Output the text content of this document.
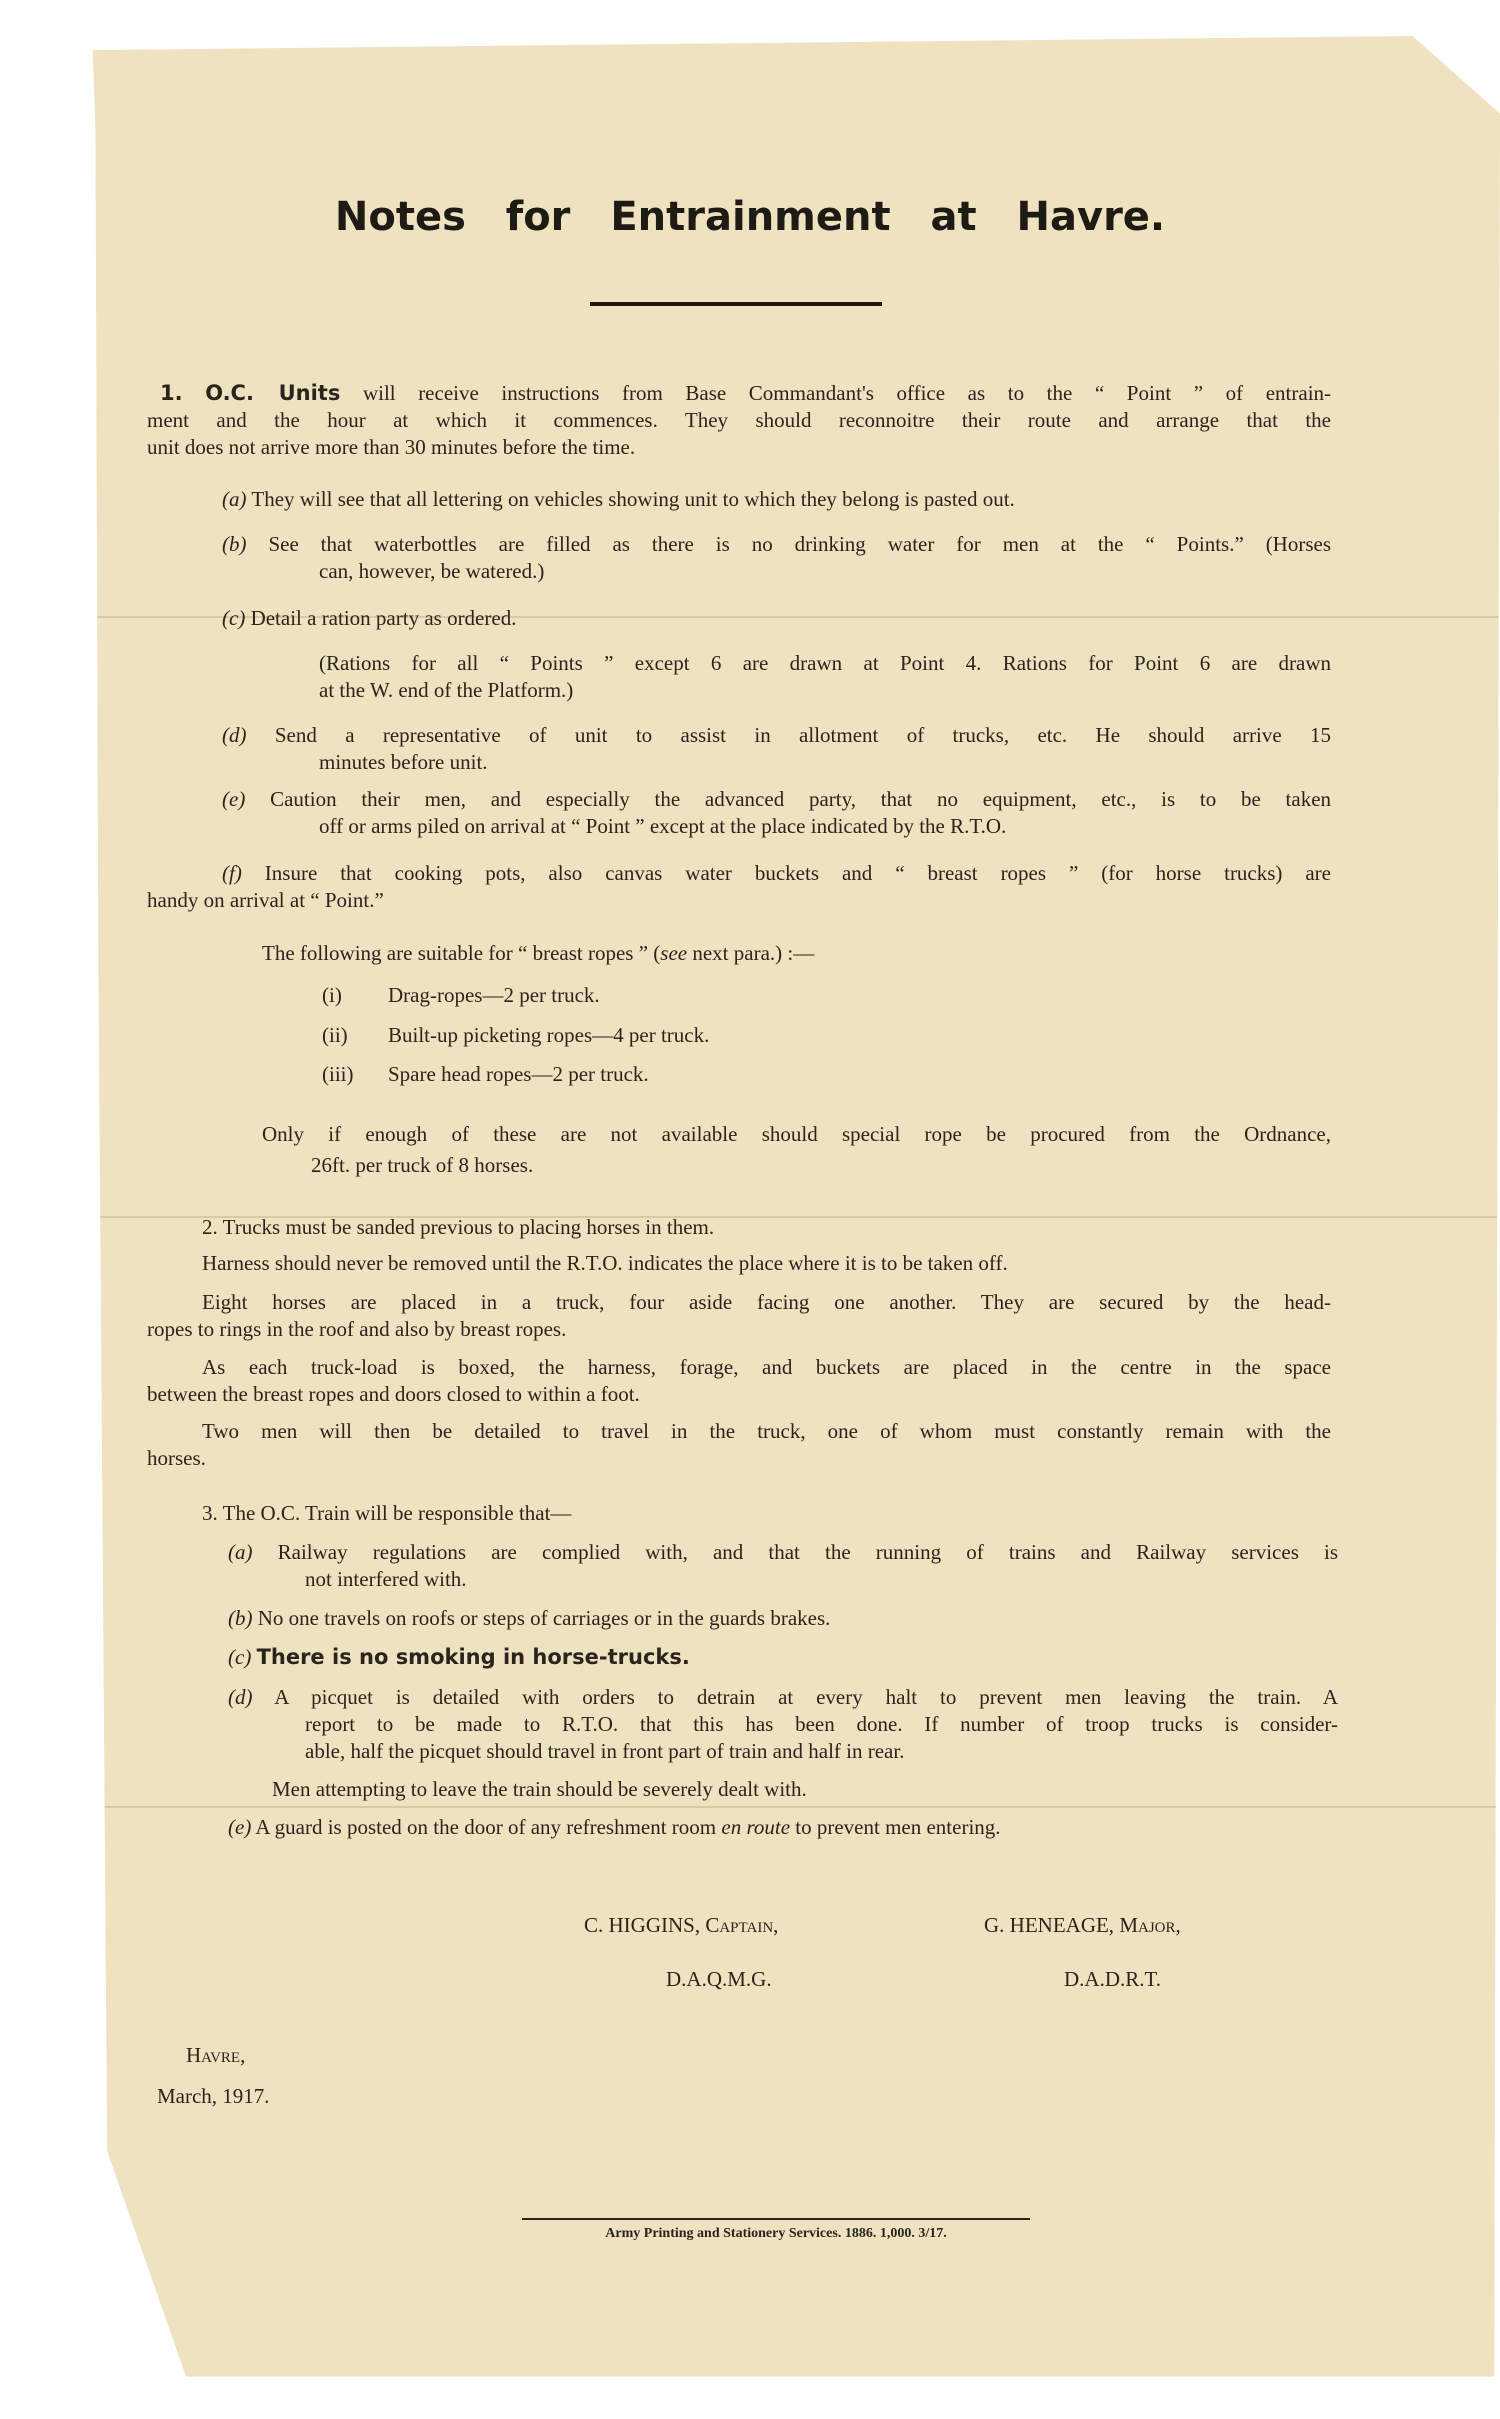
Notes for Entrainment at Havre.
1. O.C. Units will receive instructions from Base Commandant's office as to the “ Point ” of entrain-
ment and the hour at which it commences. They should reconnoitre their route and arrange that the
unit does not arrive more than 30 minutes before the time.
(a) They will see that all lettering on vehicles showing unit to which they belong is pasted out.
(b) See that waterbottles are filled as there is no drinking water for men at the “ Points.” (Horses
can, however, be watered.)
(c) Detail a ration party as ordered.
(Rations for all “ Points ” except 6 are drawn at Point 4. Rations for Point 6 are drawn
at the W. end of the Platform.)
(d) Send a representative of unit to assist in allotment of trucks, etc. He should arrive 15
minutes before unit.
(e) Caution their men, and especially the advanced party, that no equipment, etc., is to be taken
off or arms piled on arrival at “ Point ” except at the place indicated by the R.T.O.
(f) Insure that cooking pots, also canvas water buckets and “ breast ropes ” (for horse trucks) are
handy on arrival at “ Point.”
The following are suitable for “ breast ropes ” (see next para.) :—
(i) Drag-ropes—2 per truck.
(ii) Built-up picketing ropes—4 per truck.
(iii) Spare head ropes—2 per truck.
Only if enough of these are not available should special rope be procured from the Ordnance,
26ft. per truck of 8 horses.
2. Trucks must be sanded previous to placing horses in them.
Harness should never be removed until the R.T.O. indicates the place where it is to be taken off.
Eight horses are placed in a truck, four aside facing one another. They are secured by the head-
ropes to rings in the roof and also by breast ropes.
As each truck-load is boxed, the harness, forage, and buckets are placed in the centre in the space
between the breast ropes and doors closed to within a foot.
Two men will then be detailed to travel in the truck, one of whom must constantly remain with the
horses.
3. The O.C. Train will be responsible that—
(a) Railway regulations are complied with, and that the running of trains and Railway services is
not interfered with.
(b) No one travels on roofs or steps of carriages or in the guards brakes.
(c) There is no smoking in horse-trucks.
(d) A picquet is detailed with orders to detrain at every halt to prevent men leaving the train. A
report to be made to R.T.O. that this has been done. If number of troop trucks is consider-
able, half the picquet should travel in front part of train and half in rear.
Men attempting to leave the train should be severely dealt with.
(e) A guard is posted on the door of any refreshment room en route to prevent men entering.
C. HIGGINS, Captain,
D.A.Q.M.G.
G. HENEAGE, Major,
D.A.D.R.T.
Havre,
March, 1917.
Army Printing and Stationery Services. 1886. 1,000. 3/17.
